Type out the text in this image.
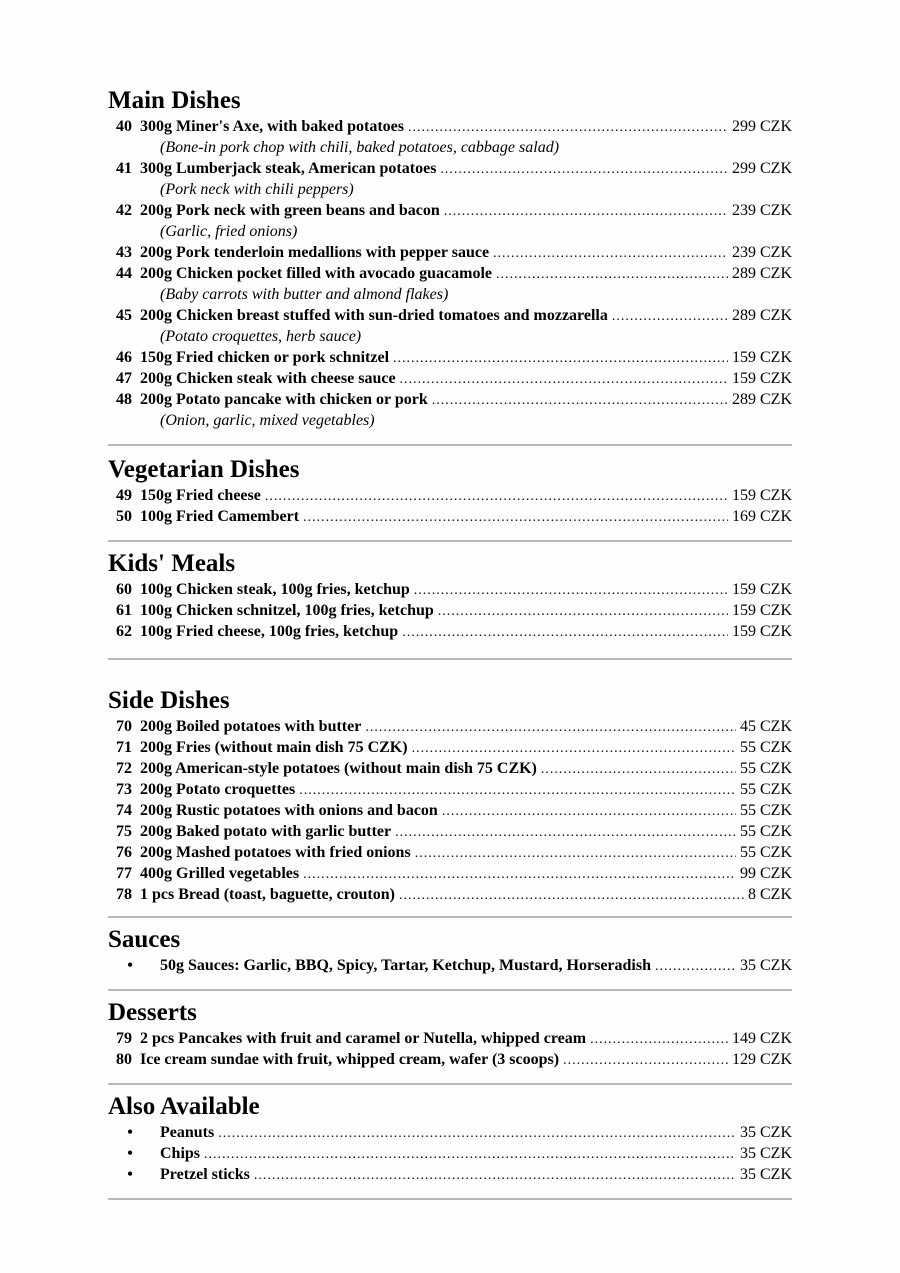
Main Dishes
40 300g Miner's Axe, with baked potatoes .....	299 CZK
(Bone-in pork chop with chili, baked potatoes, cabbage salad)
41 300g Lumberjack steak, American potatoes .....	299 CZK
(Pork neck with chili peppers)
42 200g Pork neck with green beans and bacon .....	239 CZK
(Garlic, fried onions)
43 200g Pork tenderloin medallions with pepper sauce .....	239 CZK
44 200g Chicken pocket filled with avocado guacamole .....	289 CZK
(Baby carrots with butter and almond flakes)
45 200g Chicken breast stuffed with sun-dried tomatoes and mozzarella .....	289 CZK
(Potato croquettes, herb sauce)
46 150g Fried chicken or pork schnitzel .....	159 CZK
47 200g Chicken steak with cheese sauce .....	159 CZK
48 200g Potato pancake with chicken or pork .....	289 CZK
(Onion, garlic, mixed vegetables)
Vegetarian Dishes
49 150g Fried cheese .....	159 CZK
50 100g Fried Camembert .....	169 CZK
Kids' Meals
60 100g Chicken steak, 100g fries, ketchup .....	159 CZK
61 100g Chicken schnitzel, 100g fries, ketchup .....	159 CZK
62 100g Fried cheese, 100g fries, ketchup .....	159 CZK
Side Dishes
70 200g Boiled potatoes with butter .....	45 CZK
71 200g Fries (without main dish 75 CZK) .....	55 CZK
72 200g American-style potatoes (without main dish 75 CZK) .....	55 CZK
73 200g Potato croquettes .....	55 CZK
74 200g Rustic potatoes with onions and bacon .....	55 CZK
75 200g Baked potato with garlic butter .....	55 CZK
76 200g Mashed potatoes with fried onions .....	55 CZK
77 400g Grilled vegetables .....	99 CZK
78 1 pcs Bread (toast, baguette, crouton) .....	8 CZK
Sauces
•	50g Sauces: Garlic, BBQ, Spicy, Tartar, Ketchup, Mustard, Horseradish .....	35 CZK
Desserts
79 2 pcs Pancakes with fruit and caramel or Nutella, whipped cream .....	149 CZK
80 Ice cream sundae with fruit, whipped cream, wafer (3 scoops) .....	129 CZK
Also Available
•	Peanuts .....	35 CZK
•	Chips .....	35 CZK
•	Pretzel sticks .....	35 CZK
